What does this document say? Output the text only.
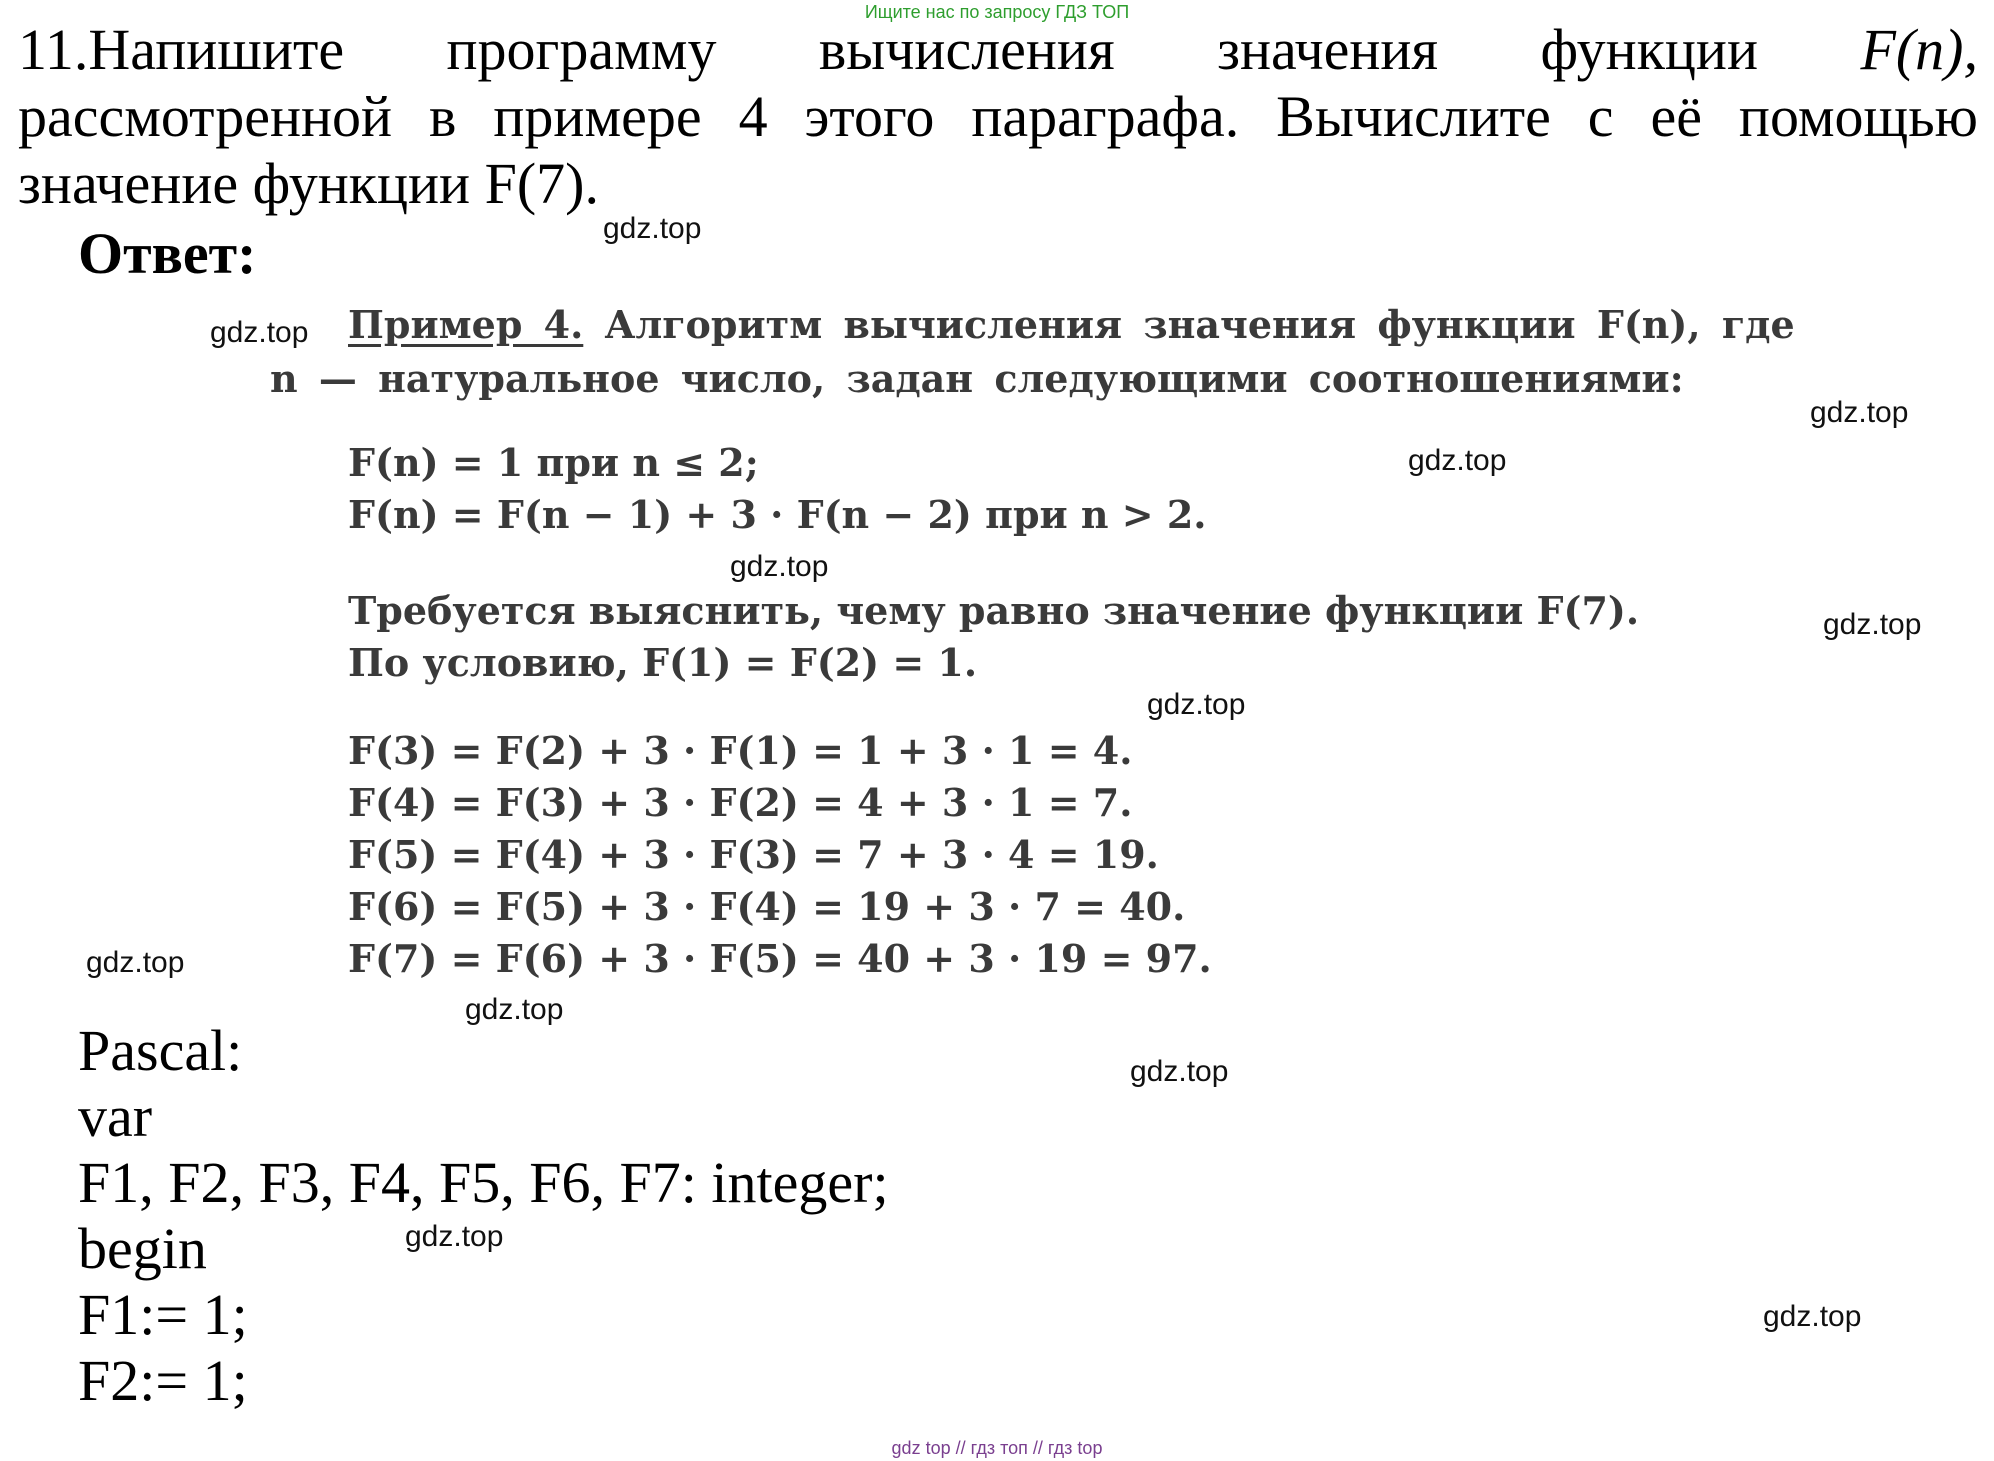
Ищите нас по запросу ГДЗ ТОП
11.Напишите программу вычисления значения функции F(n),
рассмотренной в примере 4 этого параграфа. Вычислите с её помощью
значение функции F(7).
Ответ:
Пример 4. Алгоритм вычисления значения функции F(n), где
n — натуральное число, задан следующими соотношениями:
F(n) = 1 при n ≤ 2;
F(n) = F(n − 1) + 3 · F(n − 2) при n > 2.
Требуется выяснить, чему равно значение функции F(7).
По условию, F(1) = F(2) = 1.
F(3) = F(2) + 3 · F(1) = 1 + 3 · 1 = 4.
F(4) = F(3) + 3 · F(2) = 4 + 3 · 1 = 7.
F(5) = F(4) + 3 · F(3) = 7 + 3 · 4 = 19.
F(6) = F(5) + 3 · F(4) = 19 + 3 · 7 = 40.
F(7) = F(6) + 3 · F(5) = 40 + 3 · 19 = 97.
Pascal:
var
F1, F2, F3, F4, F5, F6, F7: integer;
begin
F1:= 1;
F2:= 1;
gdz.top
gdz.top
gdz.top
gdz.top
gdz.top
gdz.top
gdz.top
gdz.top
gdz.top
gdz.top
gdz.top
gdz.top
gdz top // гдз топ // гдз top
